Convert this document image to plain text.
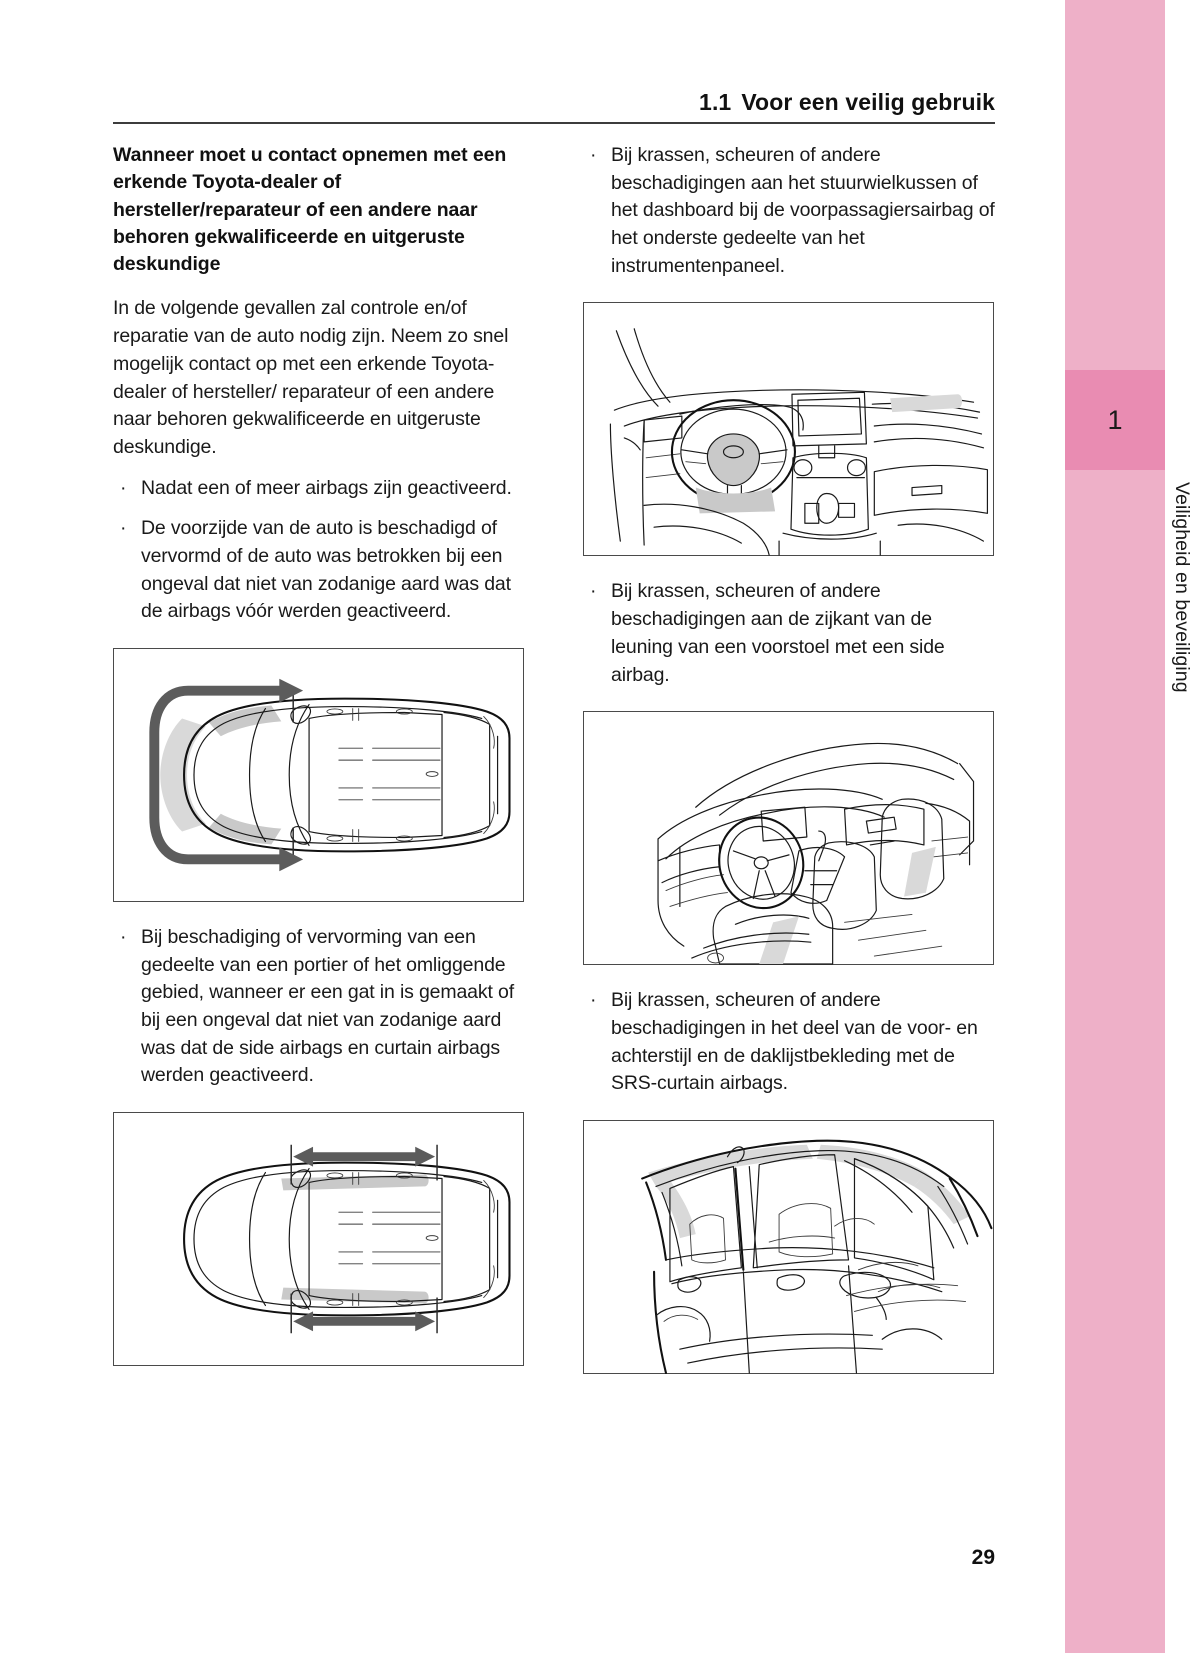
1
Veiligheid en beveiliging
1.1 Voor een veilig gebruik
Wanneer moet u contact opnemen met een erkende Toyota-dealer of hersteller/reparateur of een andere naar behoren gekwalificeerde en uitgeruste deskundige

In de volgende gevallen zal controle en/of reparatie van de auto nodig zijn. Neem zo snel mogelijk contact op met een erkende Toyota-dealer of hersteller/ reparateur of een andere naar behoren gekwalificeerde en uitgeruste deskundige.

· Nadat een of meer airbags zijn geactiveerd.
· De voorzijde van de auto is beschadigd of vervormd of de auto was betrokken bij een ongeval dat niet van zodanige aard was dat de airbags vóór werden geactiveerd.
· Bij beschadiging of vervorming van een gedeelte van een portier of het omliggende gebied, wanneer er een gat in is gemaakt of bij een ongeval dat niet van zodanige aard was dat de side airbags en curtain airbags werden geactiveerd.
· Bij krassen, scheuren of andere beschadigingen aan het stuurwielkussen of het dashboard bij de voorpassagiersairbag of het onderste gedeelte van het instrumentenpaneel.
· Bij krassen, scheuren of andere beschadigingen aan de zijkant van de leuning van een voorstoel met een side airbag.
· Bij krassen, scheuren of andere beschadigingen in het deel van de voor- en achterstijl en de daklijstbekleding met de SRS-curtain airbags.
29
